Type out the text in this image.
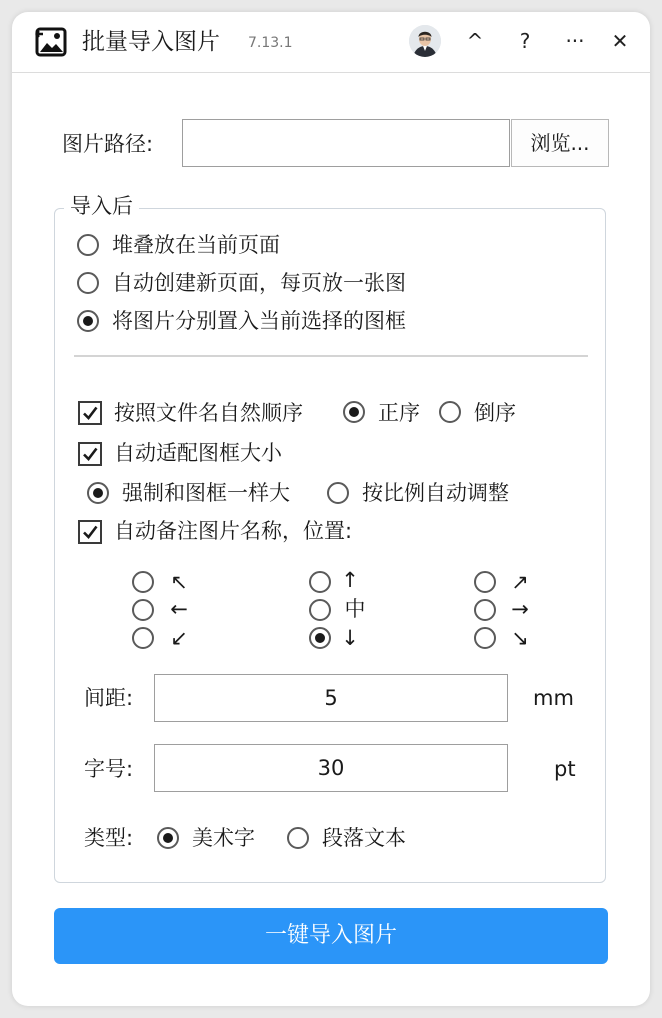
批量导入图片 7.13.1	^	?	···	✕
图片路径:	浏览...
导入后
堆叠放在当前页面
自动创建新页面，每页放一张图
将图片分别置入当前选择的图框
按照文件名自然顺序	正序	倒序
自动适配图框大小
强制和图框一样大	按比例自动调整
自动备注图片名称，位置:
↖	↑	↗
←	中	→
↙	↓	↘
间距:
5	mm
字号:
30	pt
类型:	美术字	段落文本
一键导入图片
